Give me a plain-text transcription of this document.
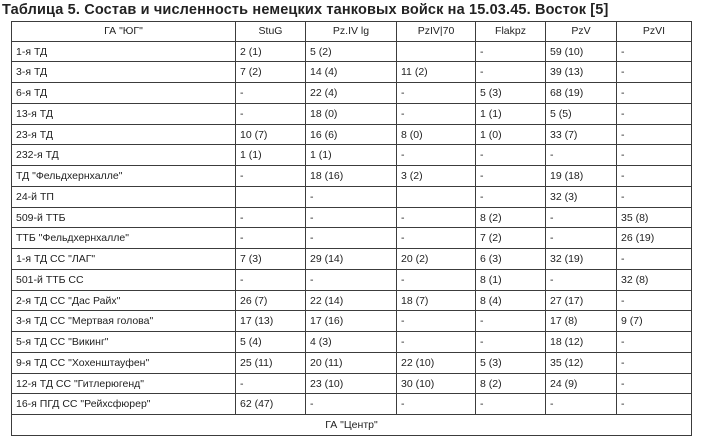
Таблица 5. Состав и численность немецких танковых войск на 15.03.45. Восток [5]
ГА "ЮГ"	StuG	Pz.IV lg	PzIV|70	Flakpz	PzV	PzVI
1-я ТД	2 (1)	5 (2)		-	59 (10)	-
3-я ТД	7 (2)	14 (4)	11 (2)	-	39 (13)	-
6-я ТД	-	22 (4)	-	5 (3)	68 (19)	-
13-я ТД	-	18 (0)	-	1 (1)	5 (5)	-
23-я ТД	10 (7)	16 (6)	8 (0)	1 (0)	33 (7)	-
232-я ТД	1 (1)	1 (1)	-	-	-	-
ТД "Фельдхернхалле"	-	18 (16)	3 (2)	-	19 (18)	-
24-й ТП		-		-	32 (3)	-
509-й ТТБ	-	-	-	8 (2)	-	35 (8)
ТТБ "Фельдхернхалле"	-	-	-	7 (2)	-	26 (19)
1-я ТД СС "ЛАГ"	7 (3)	29 (14)	20 (2)	6 (3)	32 (19)	-
501-й ТТБ СС	-	-	-	8 (1)	-	32 (8)
2-я ТД СС "Дас Райх"	26 (7)	22 (14)	18 (7)	8 (4)	27 (17)	-
3-я ТД СС "Мертвая голова"	17 (13)	17 (16)	-	-	17 (8)	9 (7)
5-я ТД СС "Викинг"	5 (4)	4 (3)	-	-	18 (12)	-
9-я ТД СС "Хохенштауфен"	25 (11)	20 (11)	22 (10)	5 (3)	35 (12)	-
12-я ТД СС "Гитлерюгенд"	-	23 (10)	30 (10)	8 (2)	24 (9)	-
16-я ПГД СС "Рейхсфюрер"	62 (47)	-	-	-	-	-
ГА "Центр"						
